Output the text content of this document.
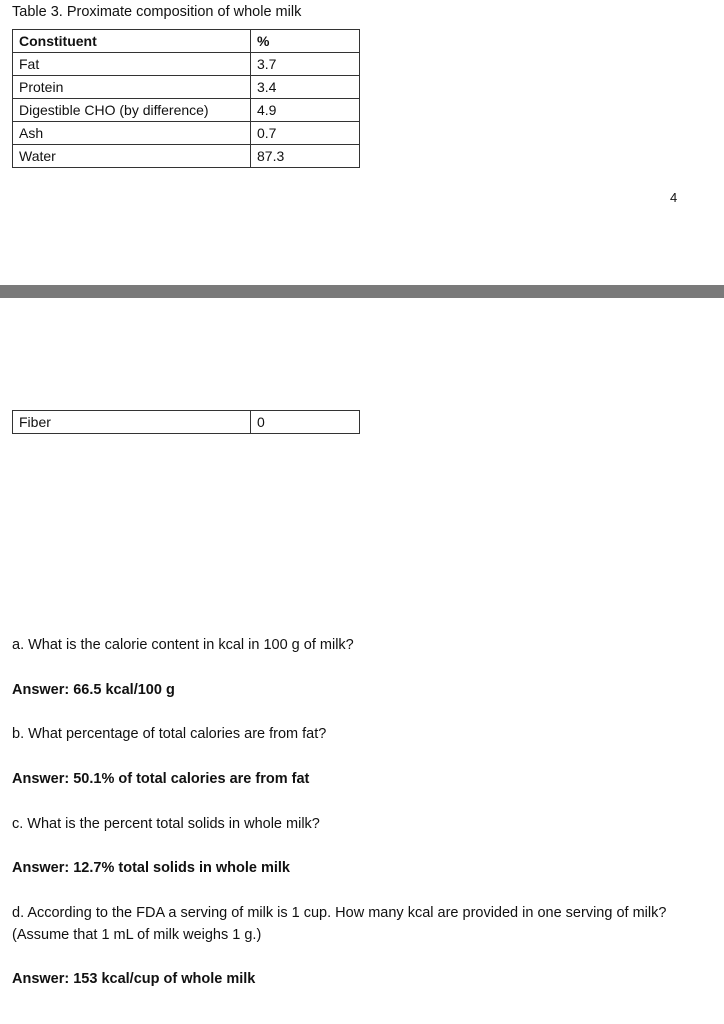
Table 3. Proximate composition of whole milk
Constituent	%
Fat	3.7
Protein	3.4
Digestible CHO (by difference)	4.9
Ash	0.7
Water	87.3
4
Fiber	0
a. What is the calorie content in kcal in 100 g of milk?
Answer: 66.5 kcal/100 g
b. What percentage of total calories are from fat?
Answer: 50.1% of total calories are from fat
c. What is the percent total solids in whole milk?
Answer: 12.7% total solids in whole milk
d. According to the FDA a serving of milk is 1 cup. How many kcal are provided in one serving of milk? (Assume that 1 mL of milk weighs 1 g.)
Answer: 153 kcal/cup of whole milk
